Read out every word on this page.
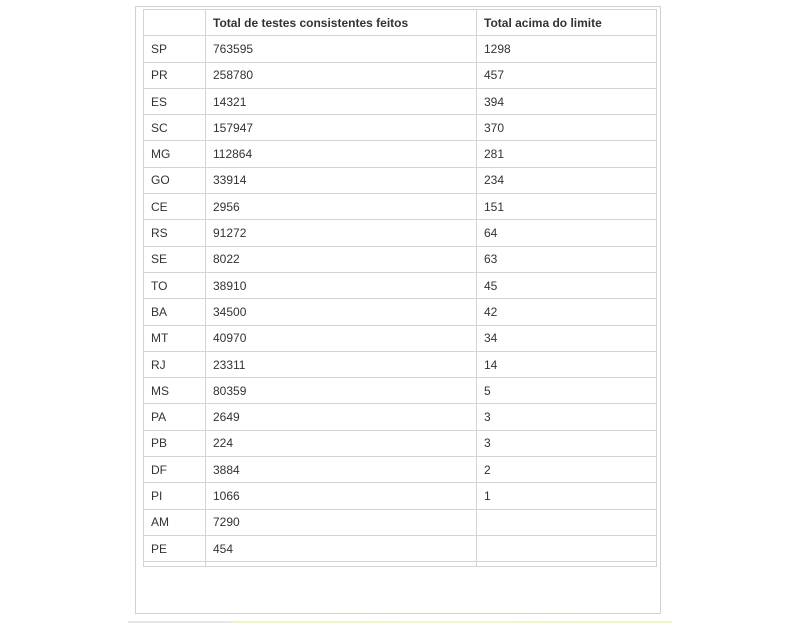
	Total de testes consistentes feitos	Total acima do limite
SP	763595	1298
PR	258780	457
ES	14321	394
SC	157947	370
MG	112864	281
GO	33914	234
CE	2956	151
RS	91272	64
SE	8022	63
TO	38910	45
BA	34500	42
MT	40970	34
RJ	23311	14
MS	80359	5
PA	2649	3
PB	224	3
DF	3884	2
PI	1066	1
AM	7290	
PE	454	
